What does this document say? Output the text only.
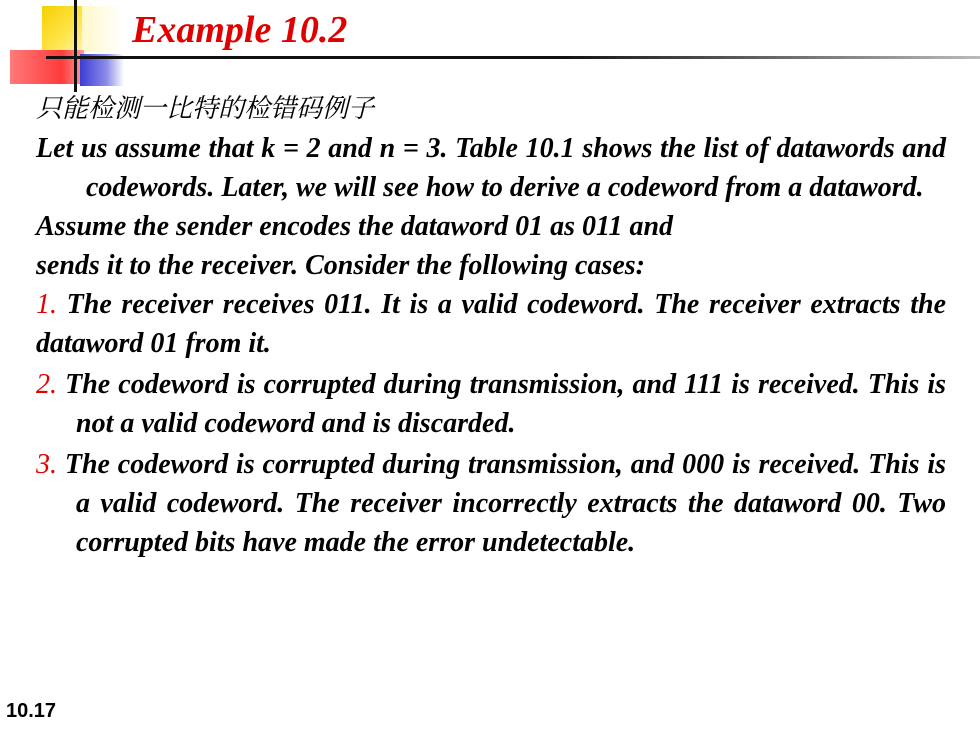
Example 10.2

只能检测一比特的检错码例子

Let us assume that k = 2 and n = 3. Table 10.1 shows the list of datawords and codewords. Later, we will see how to derive a codeword from a dataword.

Assume the sender encodes the dataword 01 as 011 and

sends it to the receiver. Consider the following cases:

1. The receiver receives 011. It is a valid codeword. The receiver extracts the dataword 01 from it.

2. The codeword is corrupted during transmission, and 111 is received. This is not a valid codeword and is discarded.

3. The codeword is corrupted during transmission, and 000 is received. This is a valid codeword. The receiver incorrectly extracts the dataword 00. Two corrupted bits have made the error undetectable.

10.17
